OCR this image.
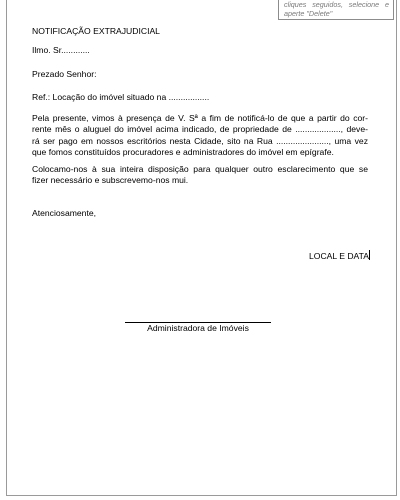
cliques seguidos, selecione e
aperte "Delete"
NOTIFICAÇÃO EXTRAJUDICIAL
Ilmo. Sr............
Prezado Senhor:
Ref.: Locação do imóvel situado na .................
Pela presente, vimos à presença de V. Sª a fim de notificá-lo de que a partir do cor-
rente mês o aluguel do imóvel acima indicado, de propriedade de ..................., deve-
rá ser pago em nossos escritórios nesta Cidade, sito na Rua ......................, uma vez
que fomos constituídos procuradores e administradores do imóvel em epígrafe.
Colocamo-nos à sua inteira disposição para qualquer outro esclarecimento que se
fizer necessário e subscrevemo-nos mui.
Atenciosamente,
LOCAL E DATA
Administradora de Imóveis
